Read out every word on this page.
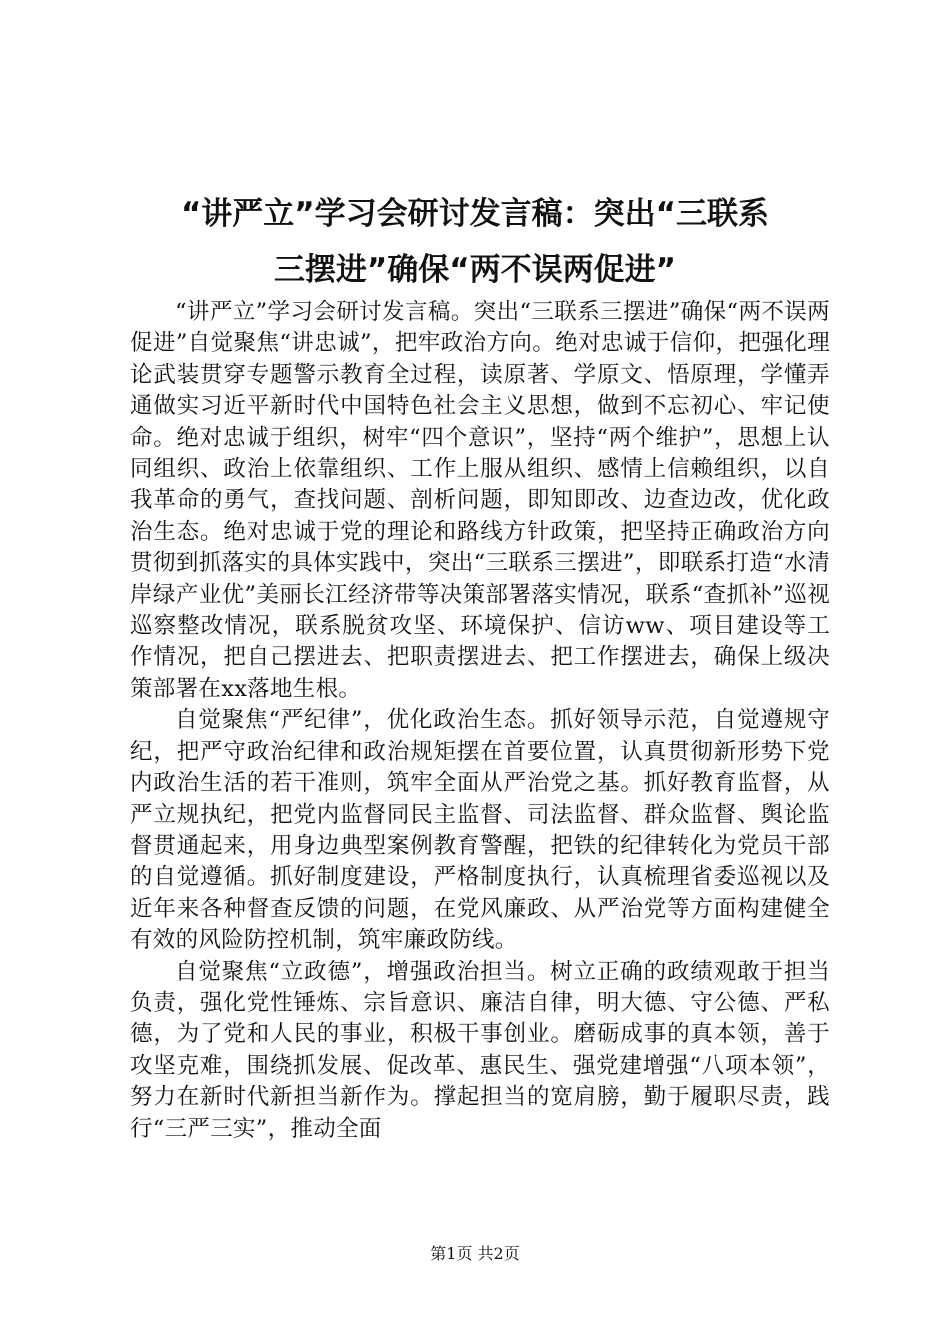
“讲严立”学习会研讨发言稿：突出“三联系
三摆进”确保“两不误两促进”

“讲严立”学习会研讨发言稿。突出“三联系三摆进”确保“两不误两促进”自觉聚焦“讲忠诚”，把牢政治方向。绝对忠诚于信仰，把强化理论武装贯穿专题警示教育全过程，读原著、学原文、悟原理，学懂弄通做实习近平新时代中国特色社会主义思想，做到不忘初心、牢记使命。绝对忠诚于组织，树牢“四个意识”，坚持“两个维护”，思想上认同组织、政治上依靠组织、工作上服从组织、感情上信赖组织，以自我革命的勇气，查找问题、剖析问题，即知即改、边查边改，优化政治生态。绝对忠诚于党的理论和路线方针政策，把坚持正确政治方向贯彻到抓落实的具体实践中，突出“三联系三摆进”，即联系打造“水清岸绿产业优”美丽长江经济带等决策部署落实情况，联系“查抓补”巡视巡察整改情况，联系脱贫攻坚、环境保护、信访ww、项目建设等工作情况，把自己摆进去、把职责摆进去、把工作摆进去，确保上级决策部署在xx落地生根。

自觉聚焦“严纪律”，优化政治生态。抓好领导示范，自觉遵规守纪，把严守政治纪律和政治规矩摆在首要位置，认真贯彻新形势下党内政治生活的若干准则，筑牢全面从严治党之基。抓好教育监督，从严立规执纪，把党内监督同民主监督、司法监督、群众监督、舆论监督贯通起来，用身边典型案例教育警醒，把铁的纪律转化为党员干部的自觉遵循。抓好制度建设，严格制度执行，认真梳理省委巡视以及近年来各种督查反馈的问题，在党风廉政、从严治党等方面构建健全有效的风险防控机制，筑牢廉政防线。

自觉聚焦“立政德”，增强政治担当。树立正确的政绩观敢于担当负责，强化党性锤炼、宗旨意识、廉洁自律，明大德、守公德、严私德，为了党和人民的事业，积极干事创业。磨砺成事的真本领，善于攻坚克难，围绕抓发展、促改革、惠民生、强党建增强“八项本领”，努力在新时代新担当新作为。撑起担当的宽肩膀，勤于履职尽责，践行“三严三实”，推动全面

第1页 共2页
